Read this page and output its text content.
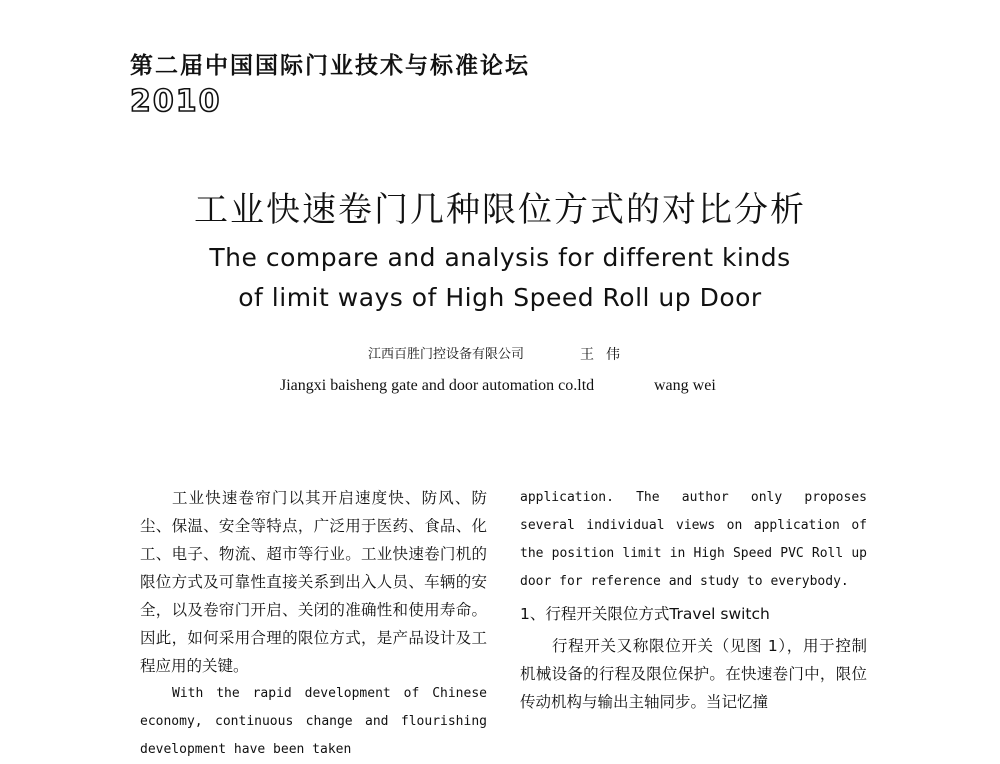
第二届中国国际门业技术与标准论坛
2010
工业快速卷门几种限位方式的对比分析
The compare and analysis for different kinds
of limit ways of High Speed Roll up Door
江西百胜门控设备有限公司	王伟
Jiangxi baisheng gate and door automation co.ltd	wang wei

工业快速卷帘门以其开启速度快、防风、防尘、保温、安全等特点，广泛用于医药、食品、化工、电子、物流、超市等行业。工业快速卷门机的限位方式及可靠性直接关系到出入人员、车辆的安全，以及卷帘门开启、关闭的准确性和使用寿命。因此，如何采用合理的限位方式，是产品设计及工程应用的关键。

With the rapid development of Chinese economy, continuous change and flourishing development have been taken

application. The author only proposes several individual views on application of the position limit in High Speed PVC Roll up door for reference and study to everybody.

1、行程开关限位方式Travel switch

行程开关又称限位开关（见图 1），用于控制机械设备的行程及限位保护。在快速卷门中，限位传动机构与输出主轴同步。当记忆撞
